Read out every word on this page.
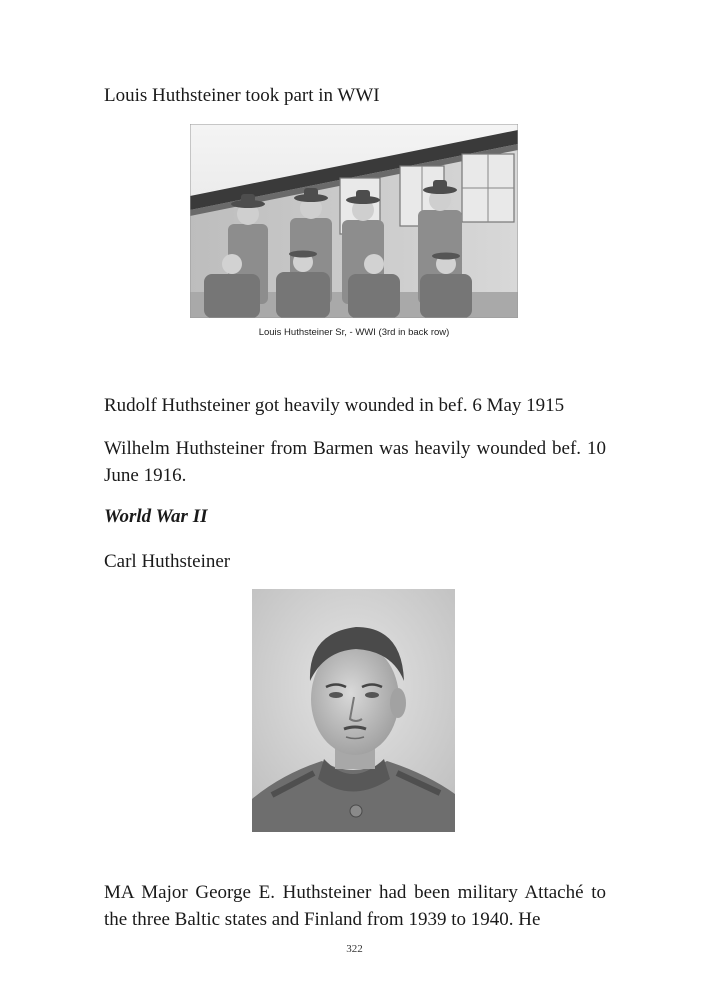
Louis Huthsteiner took part in WWI

Louis Huthsteiner Sr, - WWI (3rd in back row)

Rudolf Huthsteiner got heavily wounded in bef. 6 May 1915

Wilhelm Huthsteiner from Barmen was heavily wounded bef. 10 June 1916.

World War II

Carl Huthsteiner

MA Major George E. Huthsteiner had been military Attaché to the three Baltic states and Finland from 1939 to 1940. He

322
